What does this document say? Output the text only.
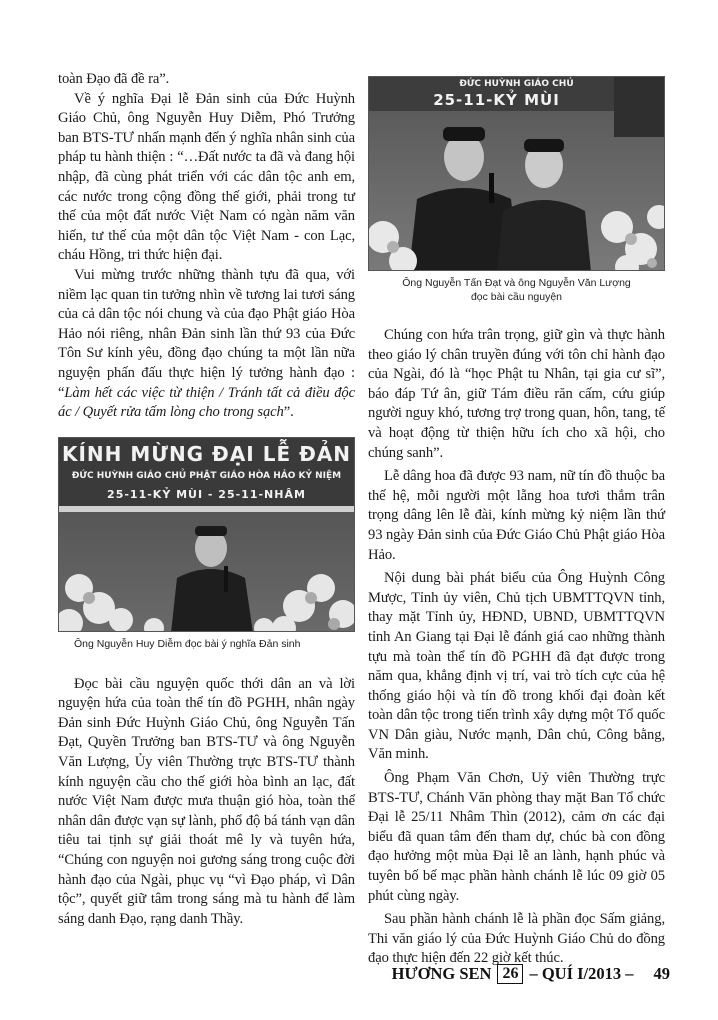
toàn Đạo đã đề ra”.

Về ý nghĩa Đại lễ Đản sinh của Đức Huỳnh Giáo Chủ, ông Nguyễn Huy Diễm, Phó Trưởng ban BTS-TƯ nhấn mạnh đến ý nghĩa nhân sinh của pháp tu hành thiện : “…Đất nước ta đã và đang hội nhập, đã cùng phát triển với các dân tộc anh em, các nước trong cộng đồng thế giới, phải trong tư thế của một đất nước Việt Nam có ngàn năm văn hiến, tư thế của một dân tộc Việt Nam - con Lạc, cháu Hồng, tri thức hiện đại.

Vui mừng trước những thành tựu đã qua, với niềm lạc quan tin tưởng nhìn về tương lai tươi sáng của cả dân tộc nói chung và của đạo Phật giáo Hòa Hảo nói riêng, nhân Đản sinh lần thứ 93 của Đức Tôn Sư kính yêu, đồng đạo chúng ta một lần nữa nguyện phấn đấu thực hiện lý tưởng hành đạo : “Làm hết các việc từ thiện / Tránh tất cả điều độc ác / Quyết rửa tấm lòng cho trong sạch”.

KÍNH MỪNG ĐẠI LỄ ĐẢN
ĐỨC HUỲNH GIÁO CHỦ PHẬT GIÁO HÒA HẢO KỶ NIỆM
25-11-KỶ MÙI - 25-11-NHÂM

Ông Nguyễn Huy Diễm đọc bài ý nghĩa Đản sinh

Đọc bài cầu nguyện quốc thới dân an và lời nguyện hứa của toàn thể tín đồ PGHH, nhân ngày Đản sinh Đức Huỳnh Giáo Chủ, ông Nguyễn Tấn Đạt, Quyền Trưởng ban BTS-TƯ và ông Nguyễn Văn Lượng, Ủy viên Thường trực BTS-TƯ thành kính nguyện cầu cho thế giới hòa bình an lạc, đất nước Việt Nam được mưa thuận gió hòa, toàn thể nhân dân được vạn sự lành, phổ độ bá tánh vạn dân tiêu tai tịnh sự giải thoát mê ly và tuyên hứa, “Chúng con nguyện noi gương sáng trong cuộc đời hành đạo của Ngài, phục vụ “vì Đạo pháp, vì Dân tộc”, quyết giữ tâm trong sáng mà tu hành để làm sáng danh Đạo, rạng danh Thầy.

ĐỨC HUỲNH GIÁO CHỦ
25-11-KỶ MÙI

Ông Nguyễn Tấn Đạt và ông Nguyễn Văn Lượng

đọc bài cầu nguyện

Chúng con hứa trân trọng, giữ gìn và thực hành theo giáo lý chân truyền đúng với tôn chỉ hành đạo của Ngài, đó là “học Phật tu Nhân, tại gia cư sĩ”, báo đáp Tứ ân, giữ Tám điều răn cấm, cứu giúp người nguy khó, tương trợ trong quan, hôn, tang, tế và hoạt động từ thiện hữu ích cho xã hội, cho chúng sanh”.

Lễ dâng hoa đã được 93 nam, nữ tín đồ thuộc ba thế hệ, mỗi người một lẵng hoa tươi thắm trân trọng dâng lên lễ đài, kính mừng kỷ niệm lần thứ 93 ngày Đản sinh của Đức Giáo Chủ Phật giáo Hòa Hảo.

Nội dung bài phát biểu của Ông Huỳnh Công Mược, Tỉnh ủy viên, Chủ tịch UBMTTQVN tỉnh, thay mặt Tỉnh ủy, HĐND, UBND, UBMTTQVN tỉnh An Giang tại Đại lễ đánh giá cao những thành tựu mà toàn thể tín đồ PGHH đã đạt được trong năm qua, khẳng định vị trí, vai trò tích cực của hệ thống giáo hội và tín đồ trong khối đại đoàn kết toàn dân tộc trong tiến trình xây dựng một Tổ quốc VN Dân giàu, Nước mạnh, Dân chủ, Công bằng, Văn minh.

Ông Phạm Văn Chơn, Uỷ viên Thường trực BTS-TƯ, Chánh Văn phòng thay mặt Ban Tổ chức Đại lễ 25/11 Nhâm Thìn (2012), cảm ơn các đại biểu đã quan tâm đến tham dự, chúc bà con đồng đạo hưởng một mùa Đại lễ an lành, hạnh phúc và tuyên bố bế mạc phần hành chánh lễ lúc 09 giờ 05 phút cùng ngày.

Sau phần hành chánh lễ là phần đọc Sấm giảng, Thi văn giáo lý của Đức Huỳnh Giáo Chủ do đồng đạo thực hiện đến 22 giờ kết thúc.

HƯƠNG SEN 26 – QUÍ I/2013 – 49
